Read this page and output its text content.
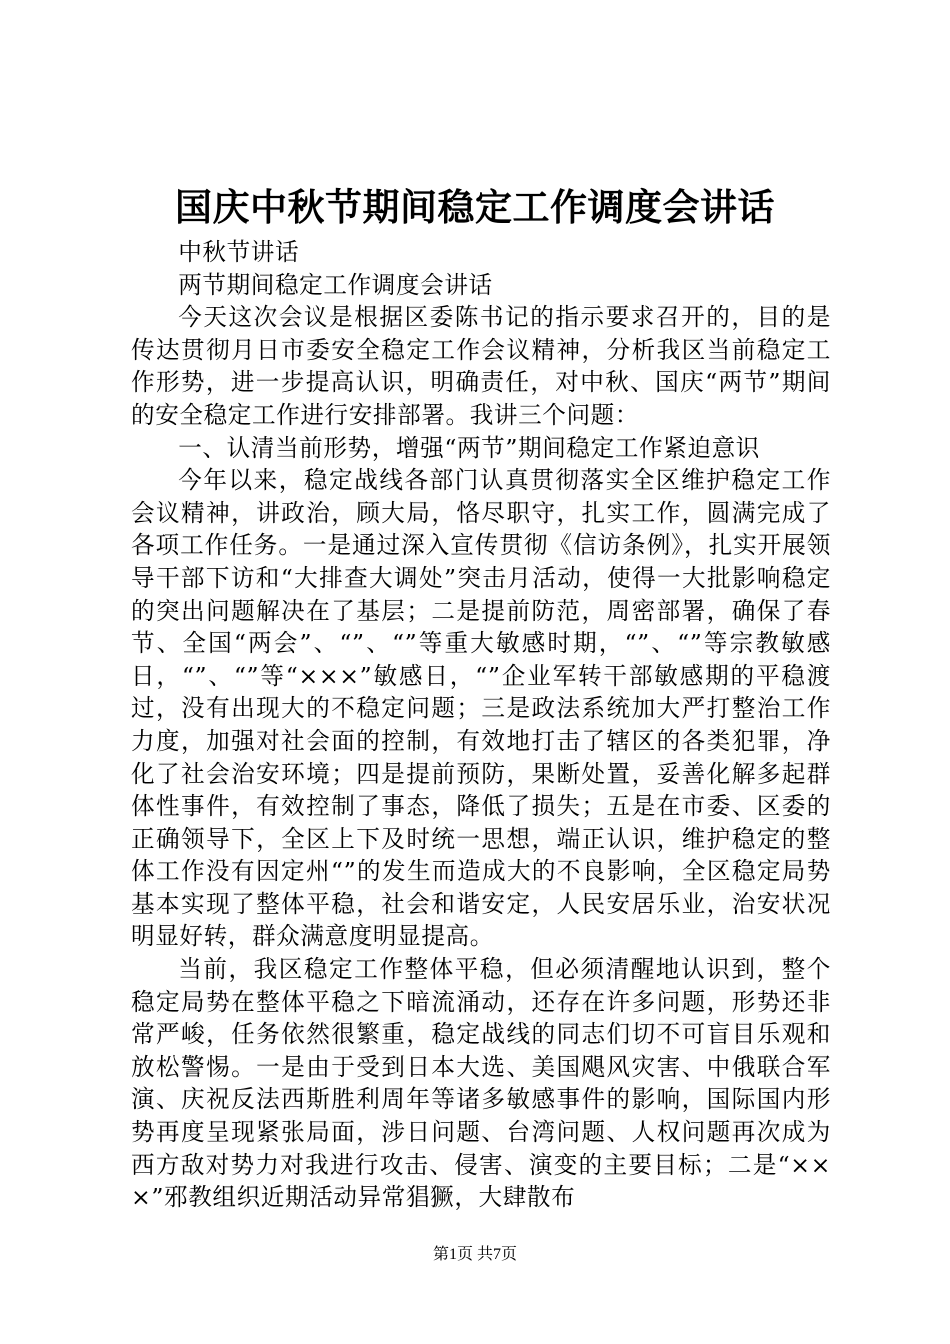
国庆中秋节期间稳定工作调度会讲话

中秋节讲话

两节期间稳定工作调度会讲话

今天这次会议是根据区委陈书记的指示要求召开的，目的是传达贯彻月日市委安全稳定工作会议精神，分析我区当前稳定工作形势，进一步提高认识，明确责任，对中秋、国庆“两节”期间的安全稳定工作进行安排部署。我讲三个问题：

一、认清当前形势，增强“两节”期间稳定工作紧迫意识

今年以来，稳定战线各部门认真贯彻落实全区维护稳定工作会议精神，讲政治，顾大局，恪尽职守，扎实工作，圆满完成了各项工作任务。一是通过深入宣传贯彻《信访条例》，扎实开展领导干部下访和“大排查大调处”突击月活动，使得一大批影响稳定的突出问题解决在了基层；二是提前防范，周密部署，确保了春节、全国“两会”、“”、“”等重大敏感时期，“”、“”等宗教敏感日，“”、“”等“×××”敏感日，“”企业军转干部敏感期的平稳渡过，没有出现大的不稳定问题；三是政法系统加大严打整治工作力度，加强对社会面的控制，有效地打击了辖区的各类犯罪，净化了社会治安环境；四是提前预防，果断处置，妥善化解多起群体性事件，有效控制了事态，降低了损失；五是在市委、区委的正确领导下，全区上下及时统一思想，端正认识，维护稳定的整体工作没有因定州“”的发生而造成大的不良影响，全区稳定局势基本实现了整体平稳，社会和谐安定，人民安居乐业，治安状况明显好转，群众满意度明显提高。

当前，我区稳定工作整体平稳，但必须清醒地认识到，整个稳定局势在整体平稳之下暗流涌动，还存在许多问题，形势还非常严峻，任务依然很繁重，稳定战线的同志们切不可盲目乐观和放松警惕。一是由于受到日本大选、美国飓风灾害、中俄联合军演、庆祝反法西斯胜利周年等诸多敏感事件的影响，国际国内形势再度呈现紧张局面，涉日问题、台湾问题、人权问题再次成为西方敌对势力对我进行攻击、侵害、演变的主要目标；二是“×××”邪教组织近期活动异常猖獗，大肆散布

第1页 共7页
